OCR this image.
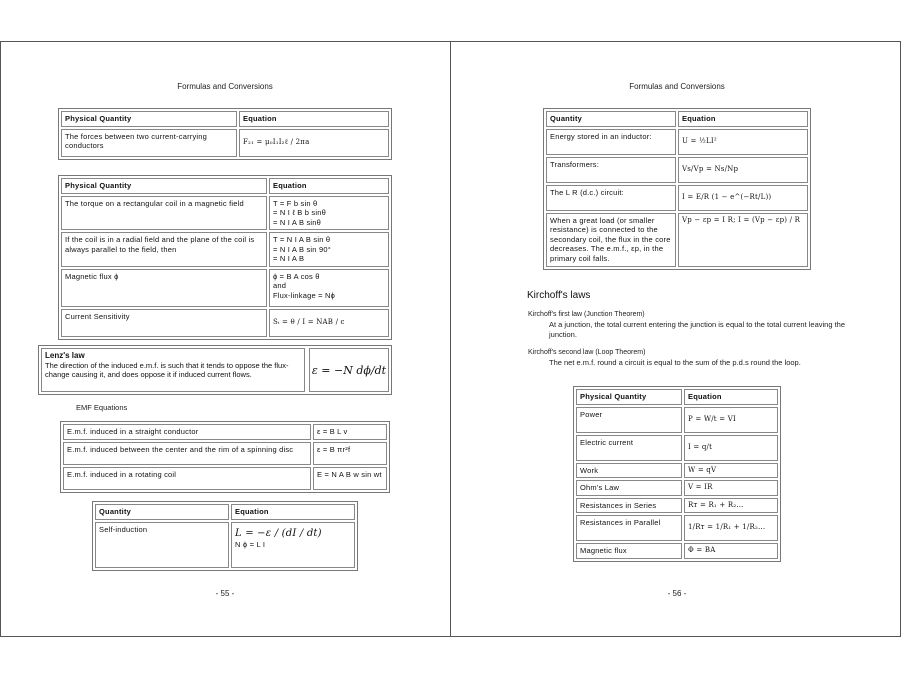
Formulas and Conversions
Physical Quantity	Equation
The forces between two current-carrying conductors	F₂₁ = μ₀I₁I₂ℓ / 2πa
Physical Quantity	Equation
The torque on a rectangular coil in a magnetic field	T = F b sin θ
= N I ℓ B b sinθ
= N I A B sinθ

If the coil is in a radial field and the plane of the coil is always parallel to the field, then	T = N I A B sin θ
= N I A B sin 90°
= N I A B

Magnetic flux ϕ	ϕ = B A cos θ
and
Flux-linkage = Nϕ

Current Sensitivity	Sᵢ = θ / I = NAB / c
Lenz's law
The direction of the induced e.m.f. is such that it tends to oppose the flux-change causing it, and does oppose it if induced current flows.	ε = −N dϕ/dt
EMF Equations
E.m.f. induced in a straight conductor	ε = B L v
E.m.f. induced between the center and the rim of a spinning disc	ε = B πr²f
E.m.f. induced in a rotating coil	E = N A B w sin wt
Quantity	Equation
Self-induction	L = −ε / (dI / dt)
N ϕ = L I
- 55 -
Formulas and Conversions
Quantity	Equation
Energy stored in an inductor:	U = ½LI²
Transformers:	Vs/Vp = Ns/Np
The L R (d.c.) circuit:	I = E/R (1 − e^(−Rt/L))
When a great load (or smaller resistance) is connected to the secondary coil, the flux in the core decreases. The e.m.f., εp, in the primary coil falls.	Vp − εp = I R; I = (Vp − εp) / R
Kirchoff's laws
Kirchoff's first law (Junction Theorem)
At a junction, the total current entering the junction is equal to the total current leaving the junction.
Kirchoff's second law (Loop Theorem)
The net e.m.f. round a circuit is equal to the sum of the p.d.s round the loop.
Physical Quantity	Equation
Power	P = W/t = VI
Electric current	I = q/t
Work	W = qV
Ohm's Law	V = IR
Resistances in Series	Rᴛ = R₁ + R₂...
Resistances in Parallel	1/Rᴛ = 1/R₁ + 1/R₂...
Magnetic flux	Φ = BA
- 56 -
